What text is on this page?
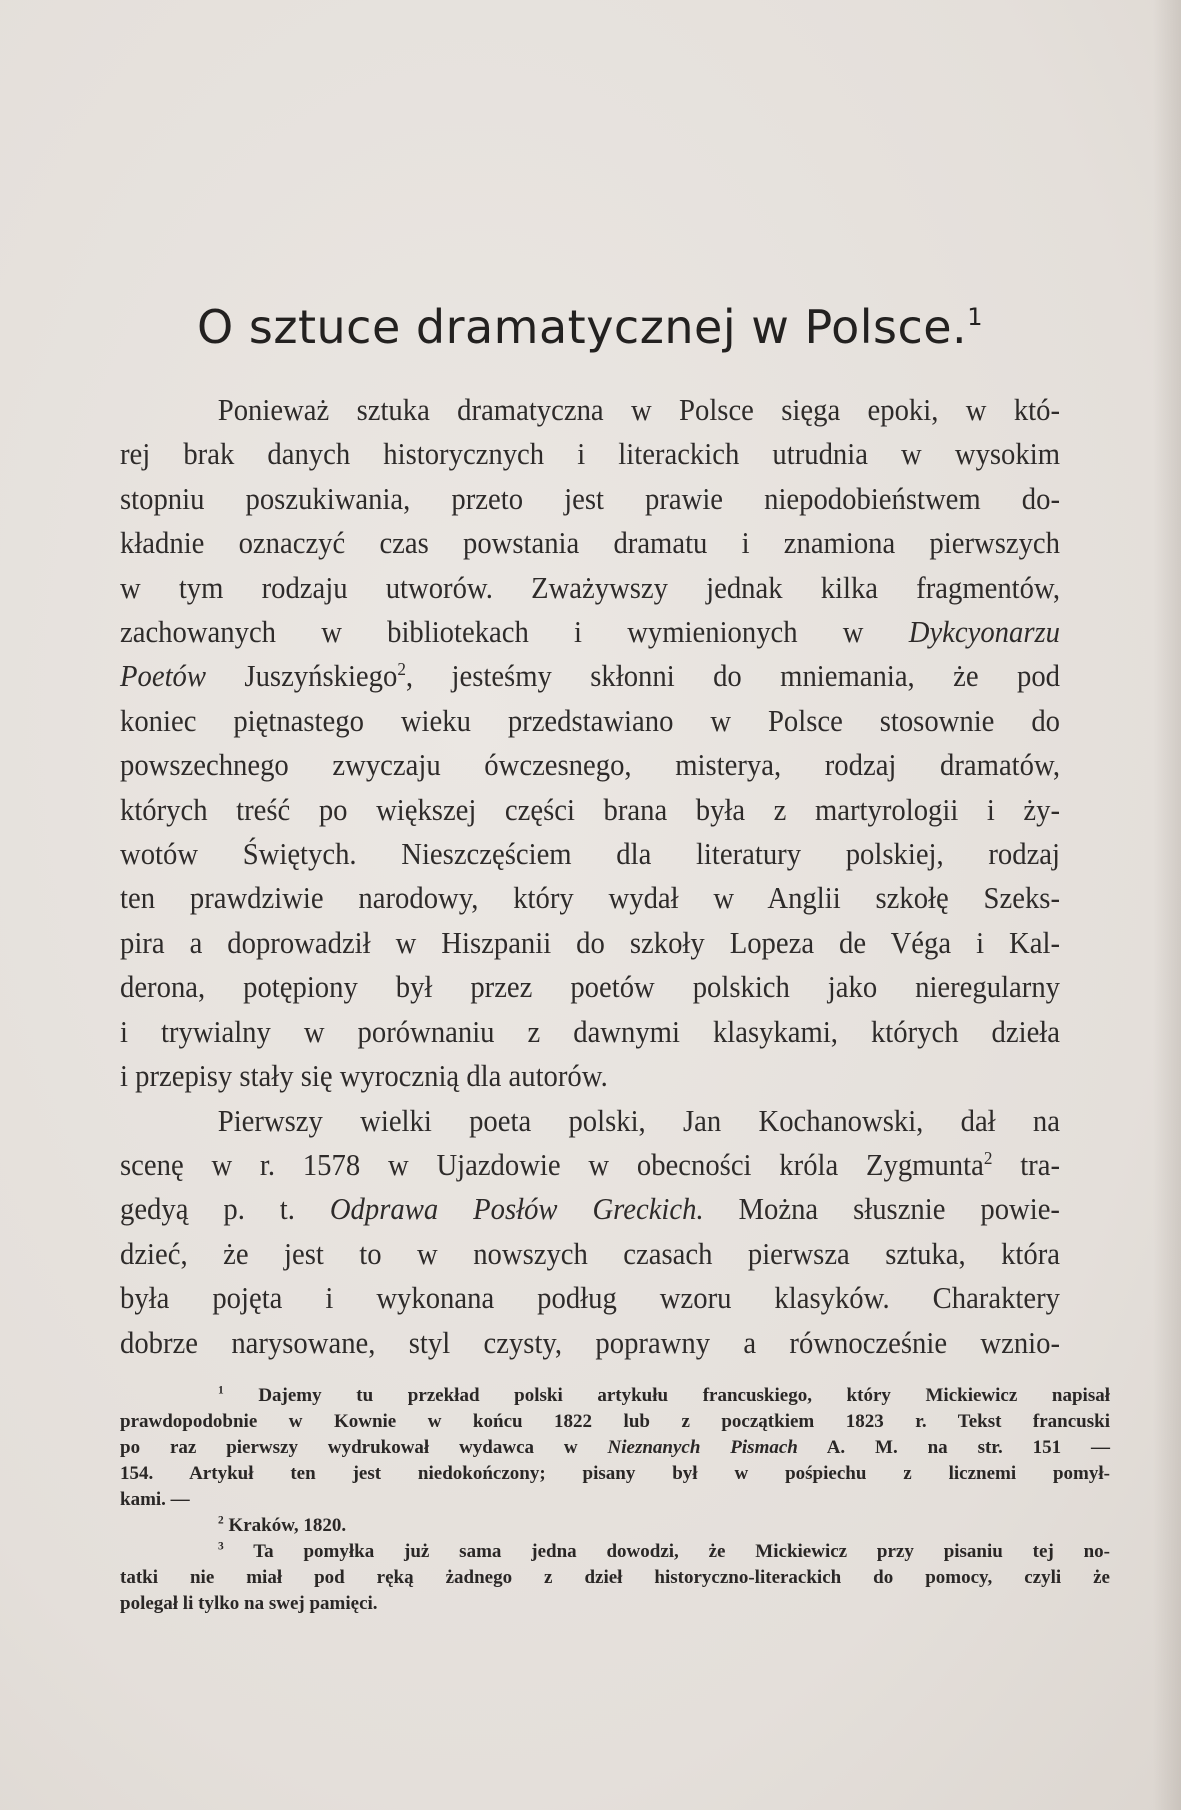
O sztuce dramatycznej w Polsce.$^1$
Ponieważ sztuka dramatyczna w Polsce sięga epoki, w któ-
rej brak danych historycznych i literackich utrudnia w wysokim
stopniu poszukiwania, przeto jest prawie niepodobieństwem do-
kładnie oznaczyć czas powstania dramatu i znamiona pierwszych
w tym rodzaju utworów. Zważywszy jednak kilka fragmentów,
zachowanych w bibliotekach i wymienionych w Dykcyonarzu
Poetów Juszyńskiego$^2$, jesteśmy skłonni do mniemania, że pod
koniec piętnastego wieku przedstawiano w Polsce stosownie do
powszechnego zwyczaju ówczesnego, misterya, rodzaj dramatów,
których treść po większej części brana była z martyrologii i ży-
wotów Świętych. Nieszczęściem dla literatury polskiej, rodzaj
ten prawdziwie narodowy, który wydał w Anglii szkołę Szeks-
pira a doprowadził w Hiszpanii do szkoły Lopeza de Véga i Kal-
derona, potępiony był przez poetów polskich jako nieregularny
i trywialny w porównaniu z dawnymi klasykami, których dzieła
i przepisy stały się wyrocznią dla autorów.
Pierwszy wielki poeta polski, Jan Kochanowski, dał na
scenę w r. 1578 w Ujazdowie w obecności króla Zygmunta$^2$ tra-
gedyą p. t. Odprawa Posłów Greckich. Można słusznie powie-
dzieć, że jest to w nowszych czasach pierwsza sztuka, która
była pojęta i wykonana podług wzoru klasyków. Charaktery
dobrze narysowane, styl czysty, poprawny a równocześnie wznio-
$^1$ Dajemy tu przekład polski artykułu francuskiego, który Mickiewicz napisał
prawdopodobnie w Kownie w końcu 1822 lub z początkiem 1823 r. Tekst francuski
po raz pierwszy wydrukował wydawca w Nieznanych Pismach A. M. na str. 151 —
154. Artykuł ten jest niedokończony; pisany był w pośpiechu z licznemi pomył-
kami. —
$^2$ Kraków, 1820.
$^3$ Ta pomyłka już sama jedna dowodzi, że Mickiewicz przy pisaniu tej no-
tatki nie miał pod ręką żadnego z dzieł historyczno-literackich do pomocy, czyli że
polegał li tylko na swej pamięci.
